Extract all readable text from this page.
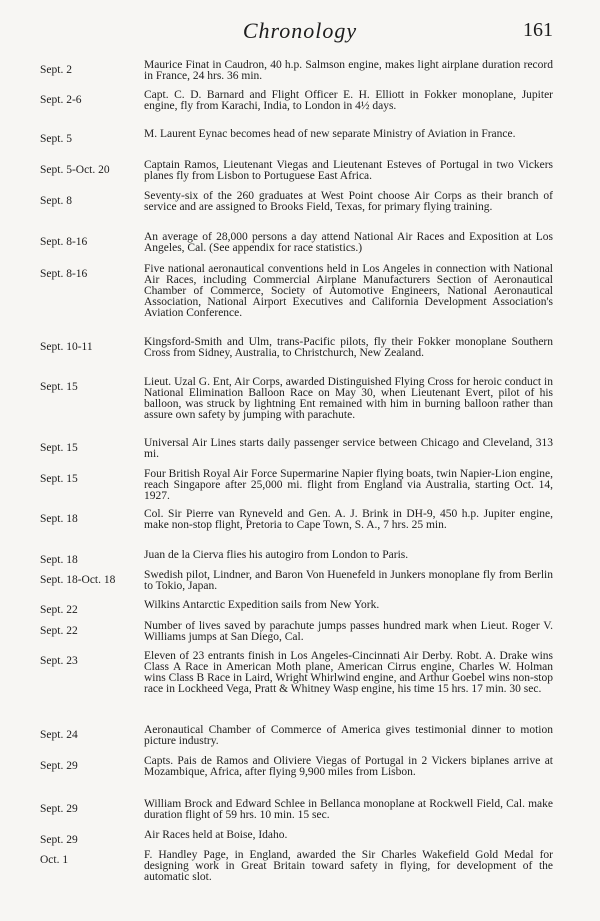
Chronology	161
Sept. 2	Maurice Finat in Caudron, 40 h.p. Salmson engine, makes light airplane duration record in France, 24 hrs. 36 min.
Sept. 2-6	Capt. C. D. Barnard and Flight Officer E. H. Elliott in Fokker monoplane, Jupiter engine, fly from Karachi, India, to London in 4½ days.
Sept. 5	M. Laurent Eynac becomes head of new separate Ministry of Aviation in France.
Sept. 5-Oct. 20	Captain Ramos, Lieutenant Viegas and Lieutenant Esteves of Portugal in two Vickers planes fly from Lisbon to Portuguese East Africa.
Sept. 8	Seventy-six of the 260 graduates at West Point choose Air Corps as their branch of service and are assigned to Brooks Field, Texas, for primary flying training.
Sept. 8-16	An average of 28,000 persons a day attend National Air Races and Exposition at Los Angeles, Cal. (See appendix for race statistics.)
Sept. 8-16	Five national aeronautical conventions held in Los Angeles in connection with National Air Races, including Commercial Airplane Manufacturers Section of Aeronautical Chamber of Commerce, Society of Automotive Engineers, National Aeronautical Association, National Airport Executives and California Development Association's Aviation Conference.
Sept. 10-11	Kingsford-Smith and Ulm, trans-Pacific pilots, fly their Fokker monoplane Southern Cross from Sidney, Australia, to Christchurch, New Zealand.
Sept. 15	Lieut. Uzal G. Ent, Air Corps, awarded Distinguished Flying Cross for heroic conduct in National Elimination Balloon Race on May 30, when Lieutenant Evert, pilot of his balloon, was struck by lightning Ent remained with him in burning balloon rather than assure own safety by jumping with parachute.
Sept. 15	Universal Air Lines starts daily passenger service between Chicago and Cleveland, 313 mi.
Sept. 15	Four British Royal Air Force Supermarine Napier flying boats, twin Napier-Lion engine, reach Singapore after 25,000 mi. flight from England via Australia, starting Oct. 14, 1927.
Sept. 18	Col. Sir Pierre van Ryneveld and Gen. A. J. Brink in DH-9, 450 h.p. Jupiter engine, make non-stop flight, Pretoria to Cape Town, S. A., 7 hrs. 25 min.
Sept. 18	Juan de la Cierva flies his autogiro from London to Paris.
Sept. 18-Oct. 18	Swedish pilot, Lindner, and Baron Von Huenefeld in Junkers monoplane fly from Berlin to Tokio, Japan.
Sept. 22	Wilkins Antarctic Expedition sails from New York.
Sept. 22	Number of lives saved by parachute jumps passes hundred mark when Lieut. Roger V. Williams jumps at San Diego, Cal.
Sept. 23	Eleven of 23 entrants finish in Los Angeles-Cincinnati Air Derby. Robt. A. Drake wins Class A Race in American Moth plane, American Cirrus engine, Charles W. Holman wins Class B Race in Laird, Wright Whirlwind engine, and Arthur Goebel wins non-stop race in Lockheed Vega, Pratt & Whitney Wasp engine, his time 15 hrs. 17 min. 30 sec.
Sept. 24	Aeronautical Chamber of Commerce of America gives testimonial dinner to motion picture industry.
Sept. 29	Capts. Pais de Ramos and Oliviere Viegas of Portugal in 2 Vickers biplanes arrive at Mozambique, Africa, after flying 9,900 miles from Lisbon.
Sept. 29	William Brock and Edward Schlee in Bellanca monoplane at Rockwell Field, Cal. make duration flight of 59 hrs. 10 min. 15 sec.
Sept. 29	Air Races held at Boise, Idaho.
Oct. 1	F. Handley Page, in England, awarded the Sir Charles Wakefield Gold Medal for designing work in Great Britain toward safety in flying, for development of the automatic slot.
